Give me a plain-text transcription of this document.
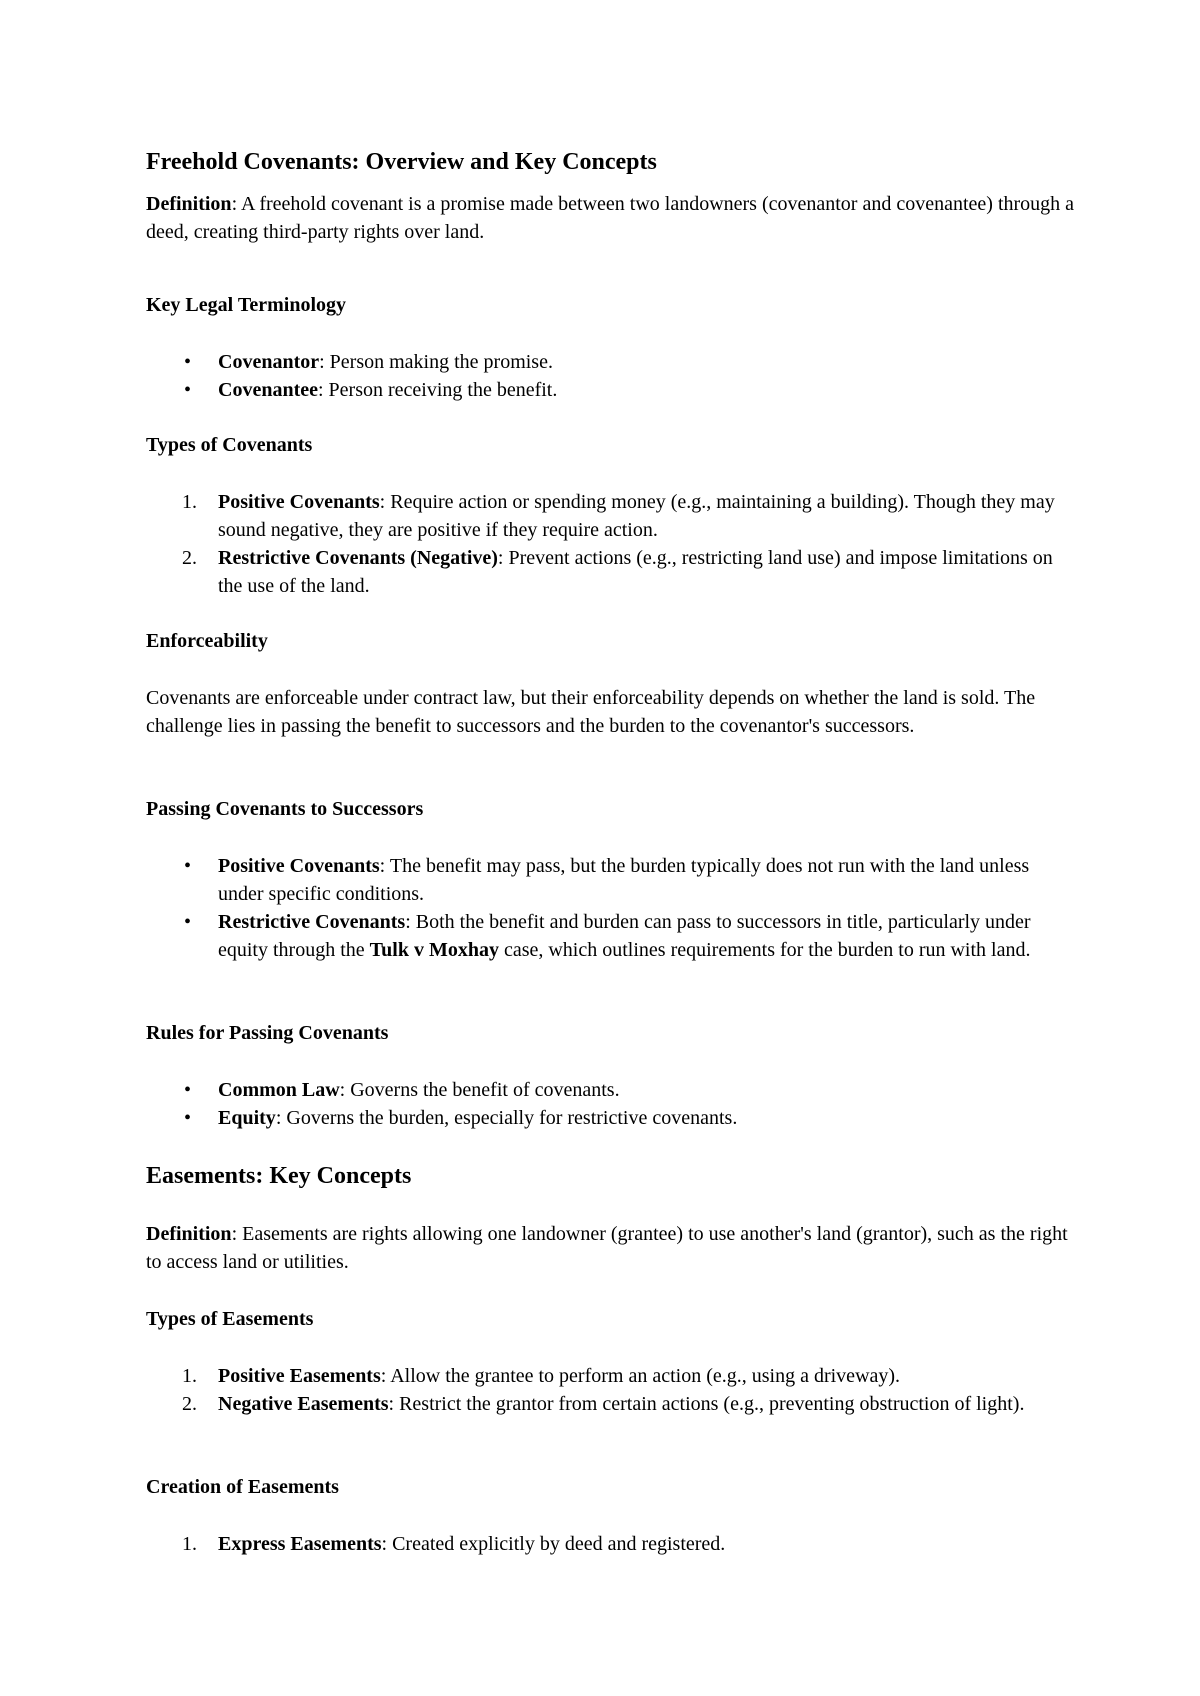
Freehold Covenants: Overview and Key Concepts

Definition: A freehold covenant is a promise made between two landowners (covenantor and covenantee) through a deed, creating third-party rights over land.

Key Legal Terminology
• Covenantor: Person making the promise.
• Covenantee: Person receiving the benefit.
Types of Covenants
1. Positive Covenants: Require action or spending money (e.g., maintaining a building). Though they may sound negative, they are positive if they require action.
2. Restrictive Covenants (Negative): Prevent actions (e.g., restricting land use) and impose limitations on the use of the land.
Enforceability

Covenants are enforceable under contract law, but their enforceability depends on whether the land is sold. The challenge lies in passing the benefit to successors and the burden to the covenantor's successors.

Passing Covenants to Successors
• Positive Covenants: The benefit may pass, but the burden typically does not run with the land unless under specific conditions.
• Restrictive Covenants: Both the benefit and burden can pass to successors in title, particularly under equity through the Tulk v Moxhay case, which outlines requirements for the burden to run with land.
Rules for Passing Covenants
• Common Law: Governs the benefit of covenants.
• Equity: Governs the burden, especially for restrictive covenants.
Easements: Key Concepts

Definition: Easements are rights allowing one landowner (grantee) to use another's land (grantor), such as the right to access land or utilities.

Types of Easements
1. Positive Easements: Allow the grantee to perform an action (e.g., using a driveway).
2. Negative Easements: Restrict the grantor from certain actions (e.g., preventing obstruction of light).
Creation of Easements
1. Express Easements: Created explicitly by deed and registered.
